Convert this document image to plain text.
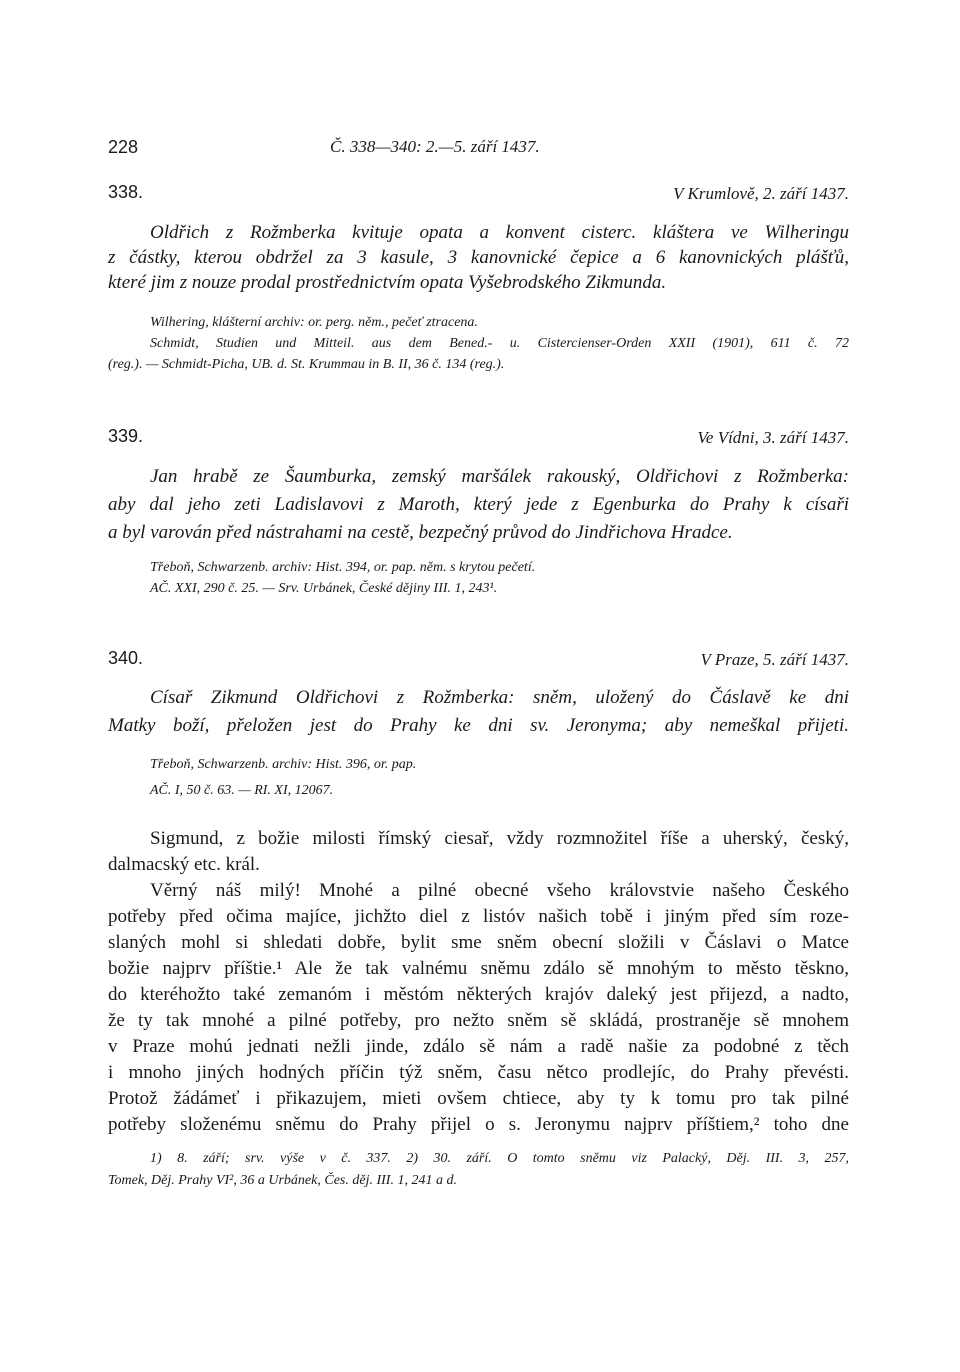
228	Č. 338—340: 2.—5. září 1437.
338.	V Krumlově, 2. září 1437.
Oldřich z Rožmberka kvituje opata a konvent cisterc. kláštera ve Wilheringu
z částky, kterou obdržel za 3 kasule, 3 kanovnické čepice a 6 kanovnických plášťů,
které jim z nouze prodal prostřednictvím opata Vyšebrodského Zikmunda.
Wilhering, klášterní archiv: or. perg. něm., pečeť ztracena.
Schmidt, Studien und Mitteil. aus dem Bened.- u. Cistercienser-Orden XXII (1901), 611 č. 72
(reg.). — Schmidt-Picha, UB. d. St. Krummau in B. II, 36 č. 134 (reg.).
339.	Ve Vídni, 3. září 1437.
Jan hrabě ze Šaumburka, zemský maršálek rakouský, Oldřichovi z Rožmberka:
aby dal jeho zeti Ladislavovi z Maroth, který jede z Egenburka do Prahy k císaři
a byl varován před nástrahami na cestě, bezpečný průvod do Jindřichova Hradce.
Třeboň, Schwarzenb. archiv: Hist. 394, or. pap. něm. s krytou pečetí.
AČ. XXI, 290 č. 25. — Srv. Urbánek, České dějiny III. 1, 243¹.
340.	V Praze, 5. září 1437.
Císař Zikmund Oldřichovi z Rožmberka: sněm, uložený do Čáslavě ke dni
Matky boží, přeložen jest do Prahy ke dni sv. Jeronyma; aby nemeškal přijeti.
Třeboň, Schwarzenb. archiv: Hist. 396, or. pap.
AČ. I, 50 č. 63. — RI. XI, 12067.
Sigmund, z božie milosti římský ciesař, vždy rozmnožitel říše a uherský, český,
dalmacský etc. král.
Věrný náš milý! Mnohé a pilné obecné všeho královstvie našeho Českého
potřeby před očima majíce, jichžto diel z listóv našich tobě i jiným před sím roze-
slaných mohl si shledati dobře, bylit sme sněm obecní složili v Čáslavi o Matce
božie najprv příštie.¹ Ale že tak valnému sněmu zdálo sě mnohým to město těskno,
do kteréhožto také zemanóm i městóm některých krajóv daleký jest přijezd, a nadto,
že ty tak mnohé a pilné potřeby, pro nežto sněm sě skládá, prostraněje sě mnohem
v Praze mohú jednati nežli jinde, zdálo sě nám a radě našie za podobné z těch
i mnoho jiných hodných příčin týž sněm, času nětco prodlejíc, do Prahy převésti.
Protož žádámeť i přikazujem, mieti ovšem chtiece, aby ty k tomu pro tak pilné
potřeby složenému sněmu do Prahy přijel o s. Jeronymu najprv příštiem,² toho dne
1) 8. září; srv. výše v č. 337. 2) 30. září. O tomto sněmu viz Palacký, Děj. III. 3, 257,
Tomek, Děj. Prahy VI², 36 a Urbánek, Čes. děj. III. 1, 241 a d.
